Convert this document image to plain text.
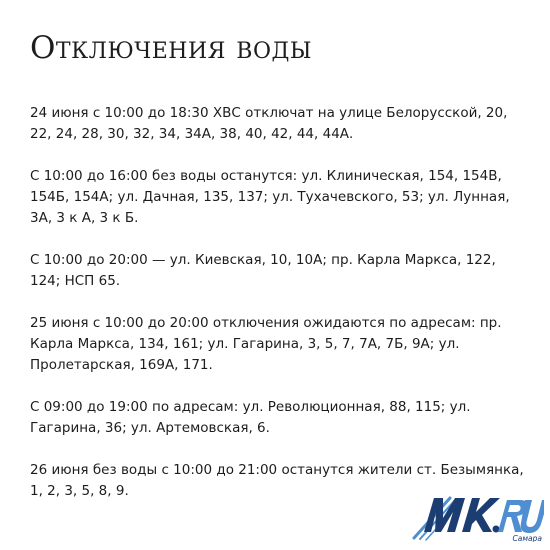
Отключения воды

24 июня с 10:00 до 18:30 ХВС отключат на улице Белорусской, 20, 22, 24, 28, 30, 32, 34, 34А, 38, 40, 42, 44, 44А.

С 10:00 до 16:00 без воды останутся: ул. Клиническая, 154, 154В, 154Б, 154А; ул. Дачная, 135, 137; ул. Тухачевского, 53; ул. Лунная, 3А, 3 к А, 3 к Б.

С 10:00 до 20:00 — ул. Киевская, 10, 10А; пр. Карла Маркса, 122, 124; НСП 65.

25 июня с 10:00 до 20:00 отключения ожидаются по адресам: пр. Карла Маркса, 134, 161; ул. Гагарина, 3, 5, 7, 7А, 7Б, 9А; ул. Пролетарская, 169А, 171.

С 09:00 до 19:00 по адресам: ул. Революционная, 88, 115; ул. Гагарина, 36; ул. Артемовская, 6.

26 июня без воды с 10:00 до 21:00 останутся жители ст. Безымянка, 1, 2, 3, 5, 8, 9.

Самара
